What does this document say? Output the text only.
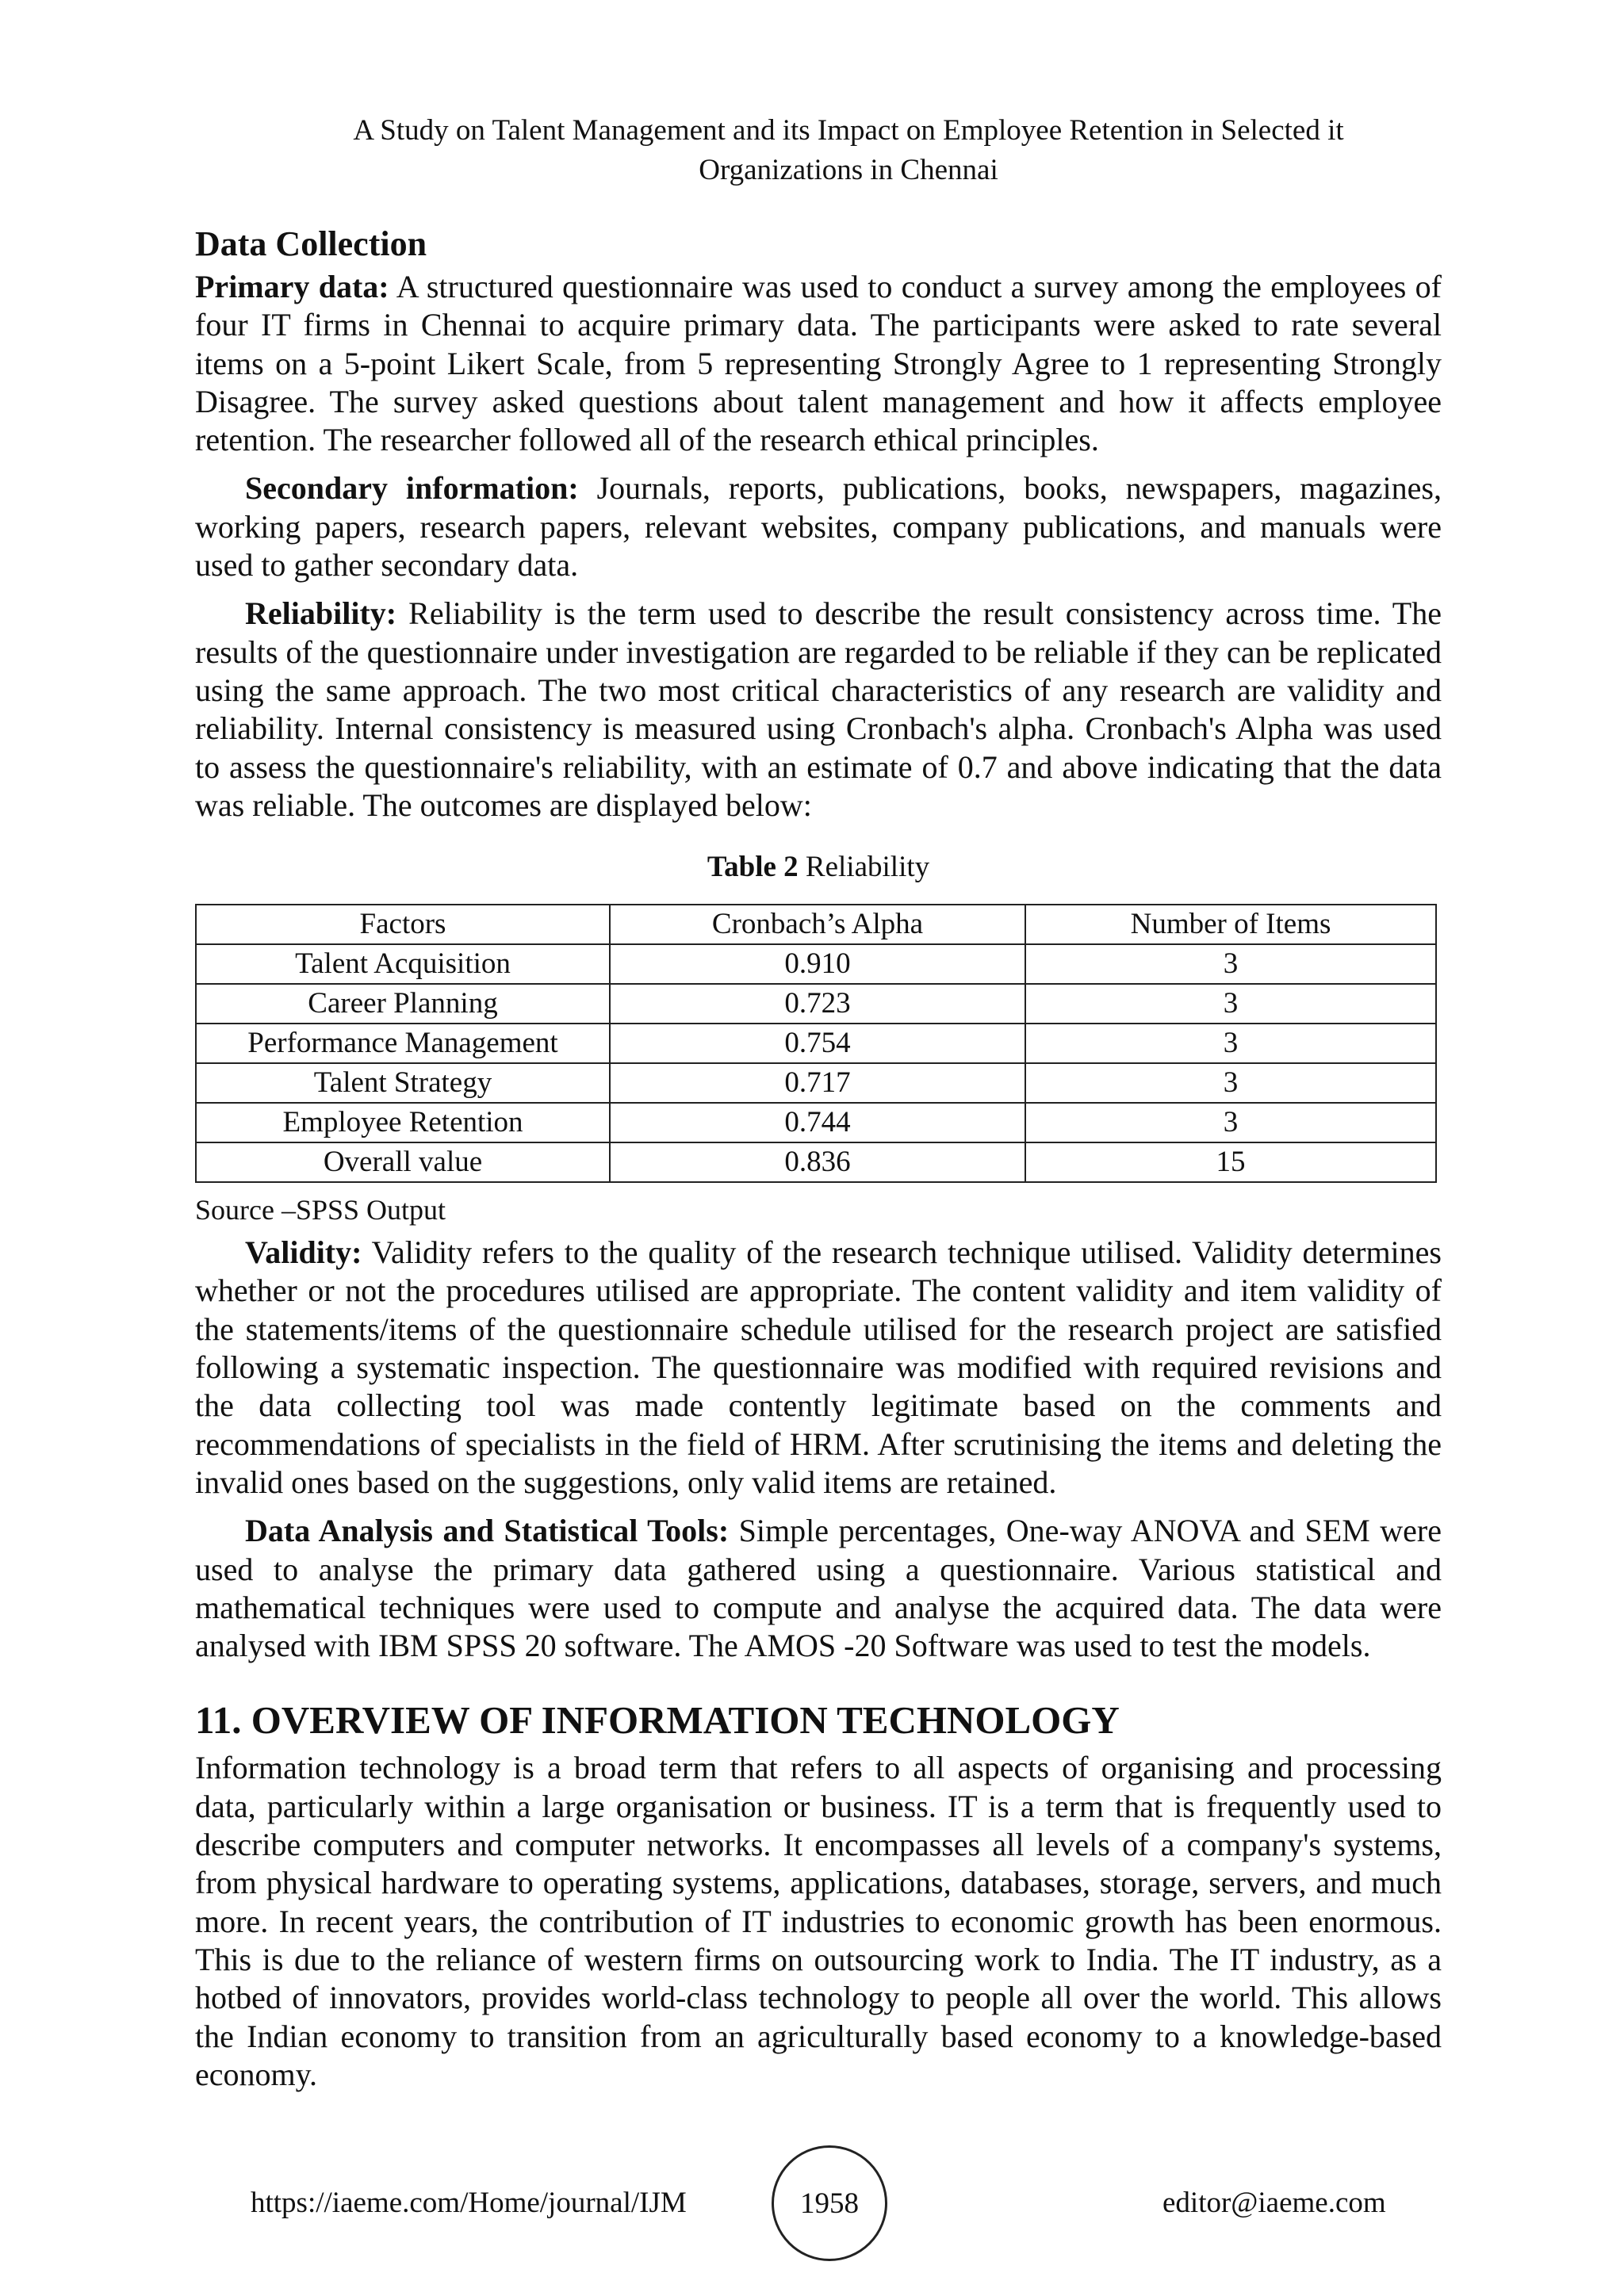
A Study on Talent Management and its Impact on Employee Retention in Selected it
Organizations in Chennai
Data Collection

Primary data: A structured questionnaire was used to conduct a survey among the employees of four IT firms in Chennai to acquire primary data. The participants were asked to rate several items on a 5-point Likert Scale, from 5 representing Strongly Agree to 1 representing Strongly Disagree. The survey asked questions about talent management and how it affects employee retention. The researcher followed all of the research ethical principles.

Secondary information: Journals, reports, publications, books, newspapers, magazines, working papers, research papers, relevant websites, company publications, and manuals were used to gather secondary data.

Reliability: Reliability is the term used to describe the result consistency across time. The results of the questionnaire under investigation are regarded to be reliable if they can be replicated using the same approach. The two most critical characteristics of any research are validity and reliability. Internal consistency is measured using Cronbach's alpha. Cronbach's Alpha was used to assess the questionnaire's reliability, with an estimate of 0.7 and above indicating that the data was reliable. The outcomes are displayed below:

Table 2 Reliability
Factors	Cronbach’s Alpha	Number of Items
Talent Acquisition	0.910	3
Career Planning	0.723	3
Performance Management	0.754	3
Talent Strategy	0.717	3
Employee Retention	0.744	3
Overall value	0.836	15
Source –SPSS Output

Validity: Validity refers to the quality of the research technique utilised. Validity determines whether or not the procedures utilised are appropriate. The content validity and item validity of the statements/items of the questionnaire schedule utilised for the research project are satisfied following a systematic inspection. The questionnaire was modified with required revisions and the data collecting tool was made contently legitimate based on the comments and recommendations of specialists in the field of HRM. After scrutinising the items and deleting the invalid ones based on the suggestions, only valid items are retained.

Data Analysis and Statistical Tools: Simple percentages, One-way ANOVA and SEM were used to analyse the primary data gathered using a questionnaire. Various statistical and mathematical techniques were used to compute and analyse the acquired data. The data were analysed with IBM SPSS 20 software. The AMOS -20 Software was used to test the models.

11. OVERVIEW OF INFORMATION TECHNOLOGY

Information technology is a broad term that refers to all aspects of organising and processing data, particularly within a large organisation or business. IT is a term that is frequently used to describe computers and computer networks. It encompasses all levels of a company's systems, from physical hardware to operating systems, applications, databases, storage, servers, and much more. In recent years, the contribution of IT industries to economic growth has been enormous. This is due to the reliance of western firms on outsourcing work to India. The IT industry, as a hotbed of innovators, provides world-class technology to people all over the world. This allows the Indian economy to transition from an agriculturally based economy to a knowledge-based economy.

https://iaeme.com/Home/journal/IJM	1958	editor@iaeme.com
